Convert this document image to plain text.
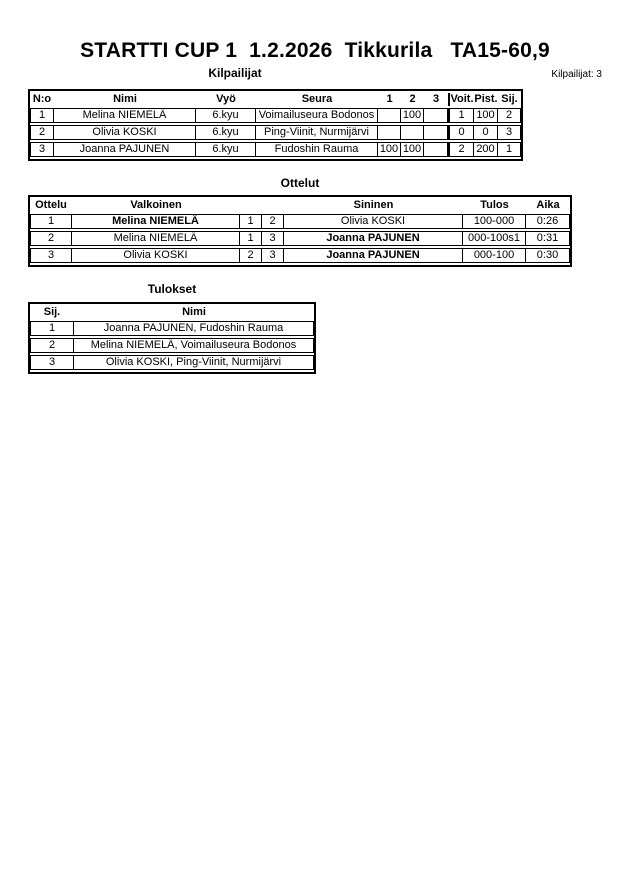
STARTTI CUP 1  1.2.2026  Tikkurila   TA15-60,9
Kilpailijat	Kilpailijat: 3
N:o	Nimi	Vyö	Seura	1	2	3	Voit.	Pist.	Sij.
1	Melina NIEMELÄ	6.kyu	Voimailuseura Bodonos		100		1	100	2
2	Olivia KOSKI	6.kyu	Ping-Viinit, Nurmijärvi				0	0	3
3	Joanna PAJUNEN	6.kyu	Fudoshin Rauma	100	100		2	200	1
Ottelut
Ottelu	Valkoinen			Sininen	Tulos	Aika
1	Melina NIEMELÄ	1	2	Olivia KOSKI	100-000	0:26
2	Melina NIEMELÄ	1	3	Joanna PAJUNEN	000-100s1	0:31
3	Olivia KOSKI	2	3	Joanna PAJUNEN	000-100	0:30
Tulokset
Sij.	Nimi
1	Joanna PAJUNEN, Fudoshin Rauma
2	Melina NIEMELÄ, Voimailuseura Bodonos
3	Olivia KOSKI, Ping-Viinit, Nurmijärvi
